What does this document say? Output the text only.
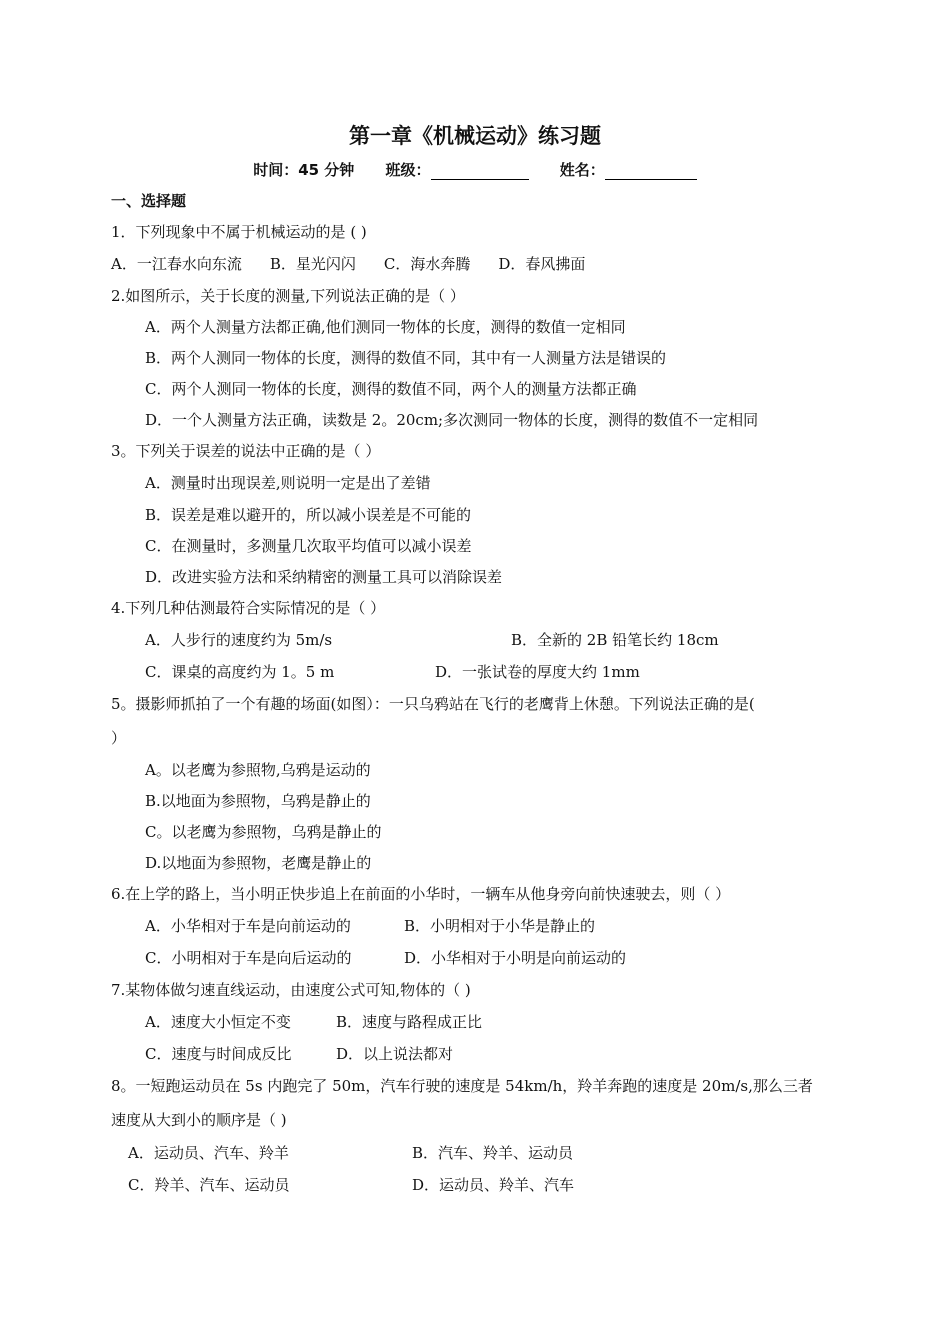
第一章《机械运动》练习题
时间：45 分钟 班级：	姓名：
一、选择题
1．下列现象中不属于机械运动的是 ( )
A．一江春水向东流 B．星光闪闪 C．海水奔腾 D．春风拂面
2.如图所示，关于长度的测量,下列说法正确的是（ ）
A．两个人测量方法都正确,他们测同一物体的长度，测得的数值一定相同
B．两个人测同一物体的长度，测得的数值不同，其中有一人测量方法是错误的
C．两个人测同一物体的长度，测得的数值不同，两个人的测量方法都正确
D．一个人测量方法正确，读数是 2。20cm;多次测同一物体的长度，测得的数值不一定相同
3。下列关于误差的说法中正确的是（ ）
A．测量时出现误差,则说明一定是出了差错
B．误差是难以避开的，所以减小误差是不可能的
C．在测量时，多测量几次取平均值可以减小误差
D．改进实验方法和采纳精密的测量工具可以消除误差
4.下列几种估测最符合实际情况的是（ ）
A．人步行的速度约为 5m/s	B．全新的 2B 铅笔长约 18cm
C．课桌的高度约为 1。5 m	D．一张试卷的厚度大约 1mm
5。摄影师抓拍了一个有趣的场面(如图）：一只乌鸦站在飞行的老鹰背上休憩。下列说法正确的是(
）
A。以老鹰为参照物,乌鸦是运动的
B.以地面为参照物，乌鸦是静止的
C。以老鹰为参照物，乌鸦是静止的
D.以地面为参照物，老鹰是静止的
6.在上学的路上，当小明正快步追上在前面的小华时，一辆车从他身旁向前快速驶去，则（ ）
A．小华相对于车是向前运动的	B．小明相对于小华是静止的
C．小明相对于车是向后运动的	D．小华相对于小明是向前运动的
7.某物体做匀速直线运动，由速度公式可知,物体的（ )
A．速度大小恒定不变	B．速度与路程成正比
C．速度与时间成反比	D．以上说法都对
8。一短跑运动员在 5s 内跑完了 50m，汽车行驶的速度是 54km/h，羚羊奔跑的速度是 20m/s,那么三者
速度从大到小的顺序是（ )
A．运动员、汽车、羚羊	B．汽车、羚羊、运动员
C．羚羊、汽车、运动员	D．运动员、羚羊、汽车
